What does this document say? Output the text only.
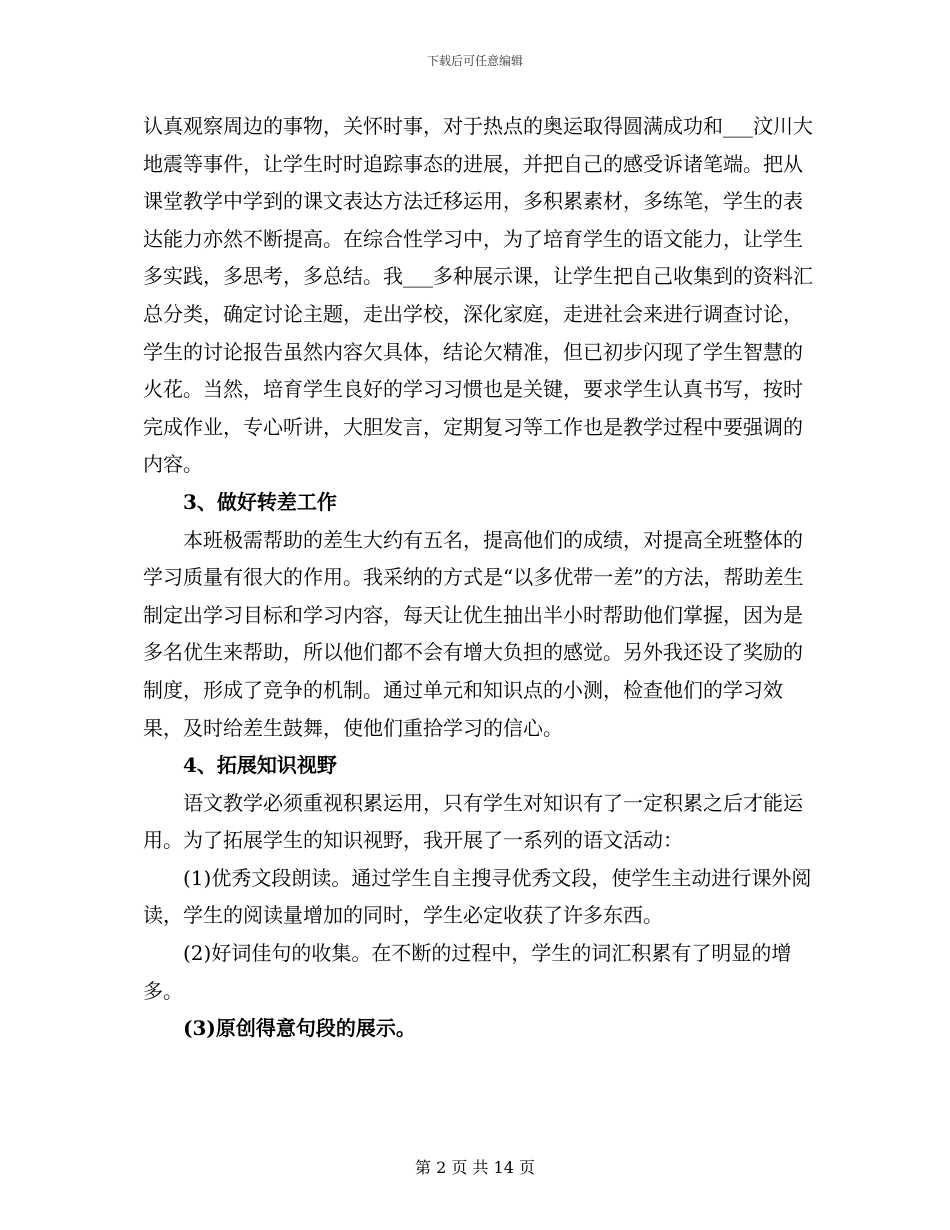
下载后可任意编辑

认真观察周边的事物，关怀时事，对于热点的奥运取得圆满成功和___汶川大地震等事件，让学生时时追踪事态的进展，并把自己的感受诉诸笔端。把从课堂教学中学到的课文表达方法迁移运用，多积累素材，多练笔，学生的表达能力亦然不断提高。在综合性学习中，为了培育学生的语文能力，让学生多实践，多思考，多总结。我___多种展示课，让学生把自己收集到的资料汇总分类，确定讨论主题，走出学校，深化家庭，走进社会来进行调查讨论，学生的讨论报告虽然内容欠具体，结论欠精准，但已初步闪现了学生智慧的火花。当然，培育学生良好的学习习惯也是关键，要求学生认真书写，按时完成作业，专心听讲，大胆发言，定期复习等工作也是教学过程中要强调的内容。

3、做好转差工作

本班极需帮助的差生大约有五名，提高他们的成绩，对提高全班整体的学习质量有很大的作用。我采纳的方式是“以多优带一差”的方法，帮助差生制定出学习目标和学习内容，每天让优生抽出半小时帮助他们掌握，因为是多名优生来帮助，所以他们都不会有增大负担的感觉。另外我还设了奖励的制度，形成了竞争的机制。通过单元和知识点的小测，检查他们的学习效果，及时给差生鼓舞，使他们重拾学习的信心。

4、拓展知识视野

语文教学必须重视积累运用，只有学生对知识有了一定积累之后才能运用。为了拓展学生的知识视野，我开展了一系列的语文活动：

(1)优秀文段朗读。通过学生自主搜寻优秀文段，使学生主动进行课外阅读，学生的阅读量增加的同时，学生必定收获了许多东西。

(2)好词佳句的收集。在不断的过程中，学生的词汇积累有了明显的增多。

(3)原创得意句段的展示。

第 2 页 共 14 页
